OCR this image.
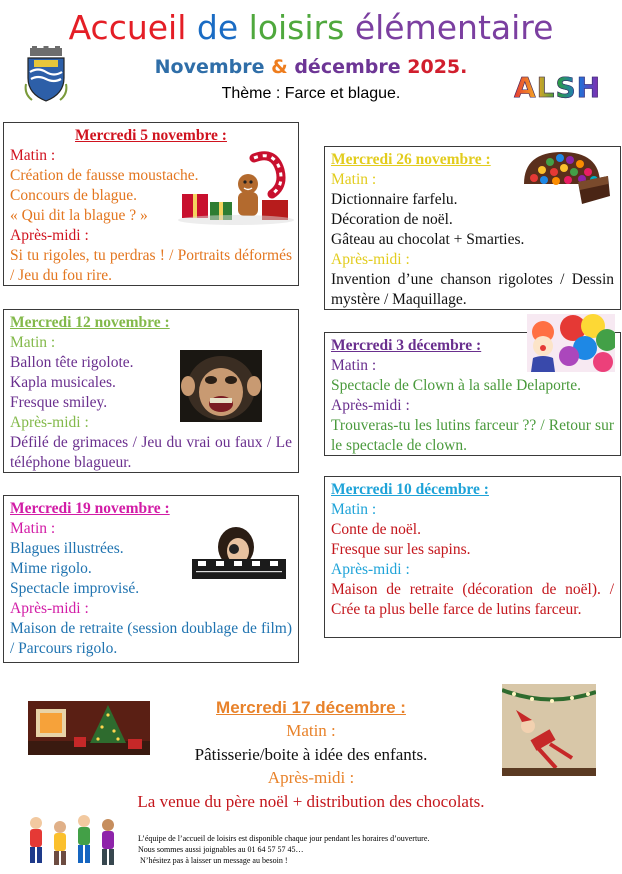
Accueil de loisirs élémentaire
Novembre & décembre 2025.
Thème : Farce et blague.	ALSH
Mercredi 5 novembre :
Matin :
Création de fausse moustache.
Concours de blague.
« Qui dit la blague ? »
Après-midi :
Si tu rigoles, tu perdras ! / Portraits déformés / Jeu du fou rire.
Mercredi 12 novembre :
Matin :
Ballon tête rigolote.
Kapla musicales.
Fresque smiley.
Après-midi :
Défilé de grimaces / Jeu du vrai ou faux / Le téléphone blagueur.
Mercredi 19 novembre :
Matin :
Blagues illustrées.
Mime rigolo.
Spectacle improvisé.
Après-midi :
Maison de retraite (session doublage de film) / Parcours rigolo.
Mercredi 26 novembre :
Matin :
Dictionnaire farfelu.
Décoration de noël.
Gâteau au chocolat + Smarties.
Après-midi :
Invention d’une chanson rigolotes / Dessin mystère / Maquillage.
Mercredi 3 décembre :
Matin :
Spectacle de Clown à la salle Delaporte.
Après-midi :
Trouveras-tu les lutins farceur ?? / Retour sur le spectacle de clown.
Mercredi 10 décembre :
Matin :
Conte de noël.
Fresque sur les sapins.
Après-midi :
Maison de retraite (décoration de noël). / Crée ta plus belle farce de lutins farceur.
Mercredi 17 décembre :
Matin :
Pâtisserie/boite à idée des enfants.
Après-midi :
La venue du père noël + distribution des chocolats.
L’équipe de l’accueil de loisirs est disponible chaque jour pendant les horaires d’ouverture.
Nous sommes aussi joignables au 01 64 57 57 45…
N’hésitez pas à laisser un message au besoin !
